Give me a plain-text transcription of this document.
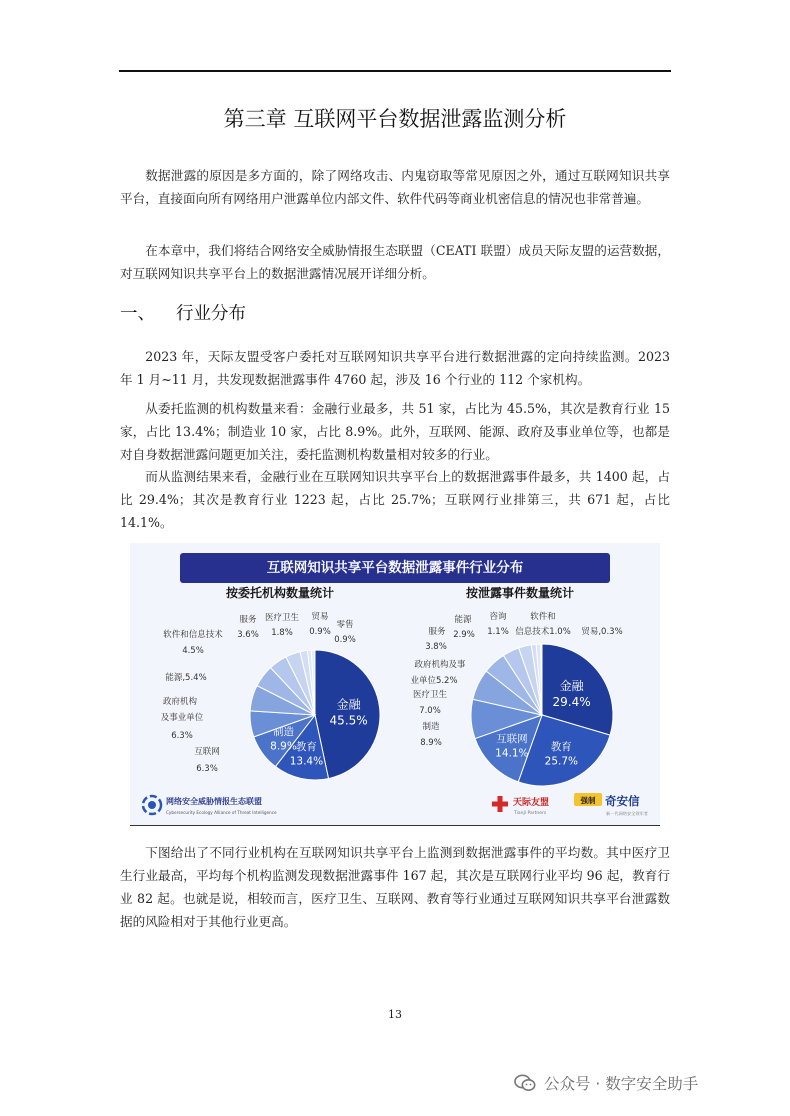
第三章 互联网平台数据泄露监测分析

数据泄露的原因是多方面的，除了网络攻击、内鬼窃取等常见原因之外，通过互联网知识共享平台，直接面向所有网络用户泄露单位内部文件、软件代码等商业机密信息的情况也非常普遍。

在本章中，我们将结合网络安全威胁情报生态联盟（CEATI 联盟）成员天际友盟的运营数据，对互联网知识共享平台上的数据泄露情况展开详细分析。

一、 行业分布

2023 年，天际友盟受客户委托对互联网知识共享平台进行数据泄露的定向持续监测。2023 年 1 月~11 月，共发现数据泄露事件 4760 起，涉及 16 个行业的 112 个家机构。

从委托监测的机构数量来看：金融行业最多，共 51 家，占比为 45.5%，其次是教育行业 15 家，占比 13.4%；制造业 10 家，占比 8.9%。此外，互联网、能源、政府及事业单位等，也都是对自身数据泄露问题更加关注，委托监测机构数量相对较多的行业。

而从监测结果来看，金融行业在互联网知识共享平台上的数据泄露事件最多，共 1400 起，占比 29.4%；其次是教育行业 1223 起，占比 25.7%；互联网行业排第三，共 671 起，占比 14.1%。

互联网知识共享平台数据泄露事件行业分布
按委托机构数量统计	按泄露事件数量统计
金融
45.5%
教育
13.4%
制造
8.9%
金融
29.4%
教育
25.7%
互联网
14.1%
服务
3.6%
医疗卫生
1.8%
贸易
0.9%
零售
0.9%
软件和信息技术
4.5%
能源,5.4%
政府机构
及事业单位
6.3%
互联网
6.3%
能源
服务 2.9%
咨询
1.1%
软件和
信息技术1.0% 贸易,0.3%
3.8%
政府机构及事
业单位5.2%
医疗卫生
7.0%
制造
8.9%
网络安全威胁情报生态联盟
Cybersecurity Ecology Alliance of Threat Intelligence
天际友盟
TianJi Partners
强制 奇安信
新一代网络安全领军者

下图给出了不同行业机构在互联网知识共享平台上监测到数据泄露事件的平均数。其中医疗卫生行业最高，平均每个机构监测发现数据泄露事件 167 起，其次是互联网行业平均 96 起，教育行业 82 起。也就是说，相较而言，医疗卫生、互联网、教育等行业通过互联网知识共享平台泄露数据的风险相对于其他行业更高。

13
公众号 · 数字安全助手
